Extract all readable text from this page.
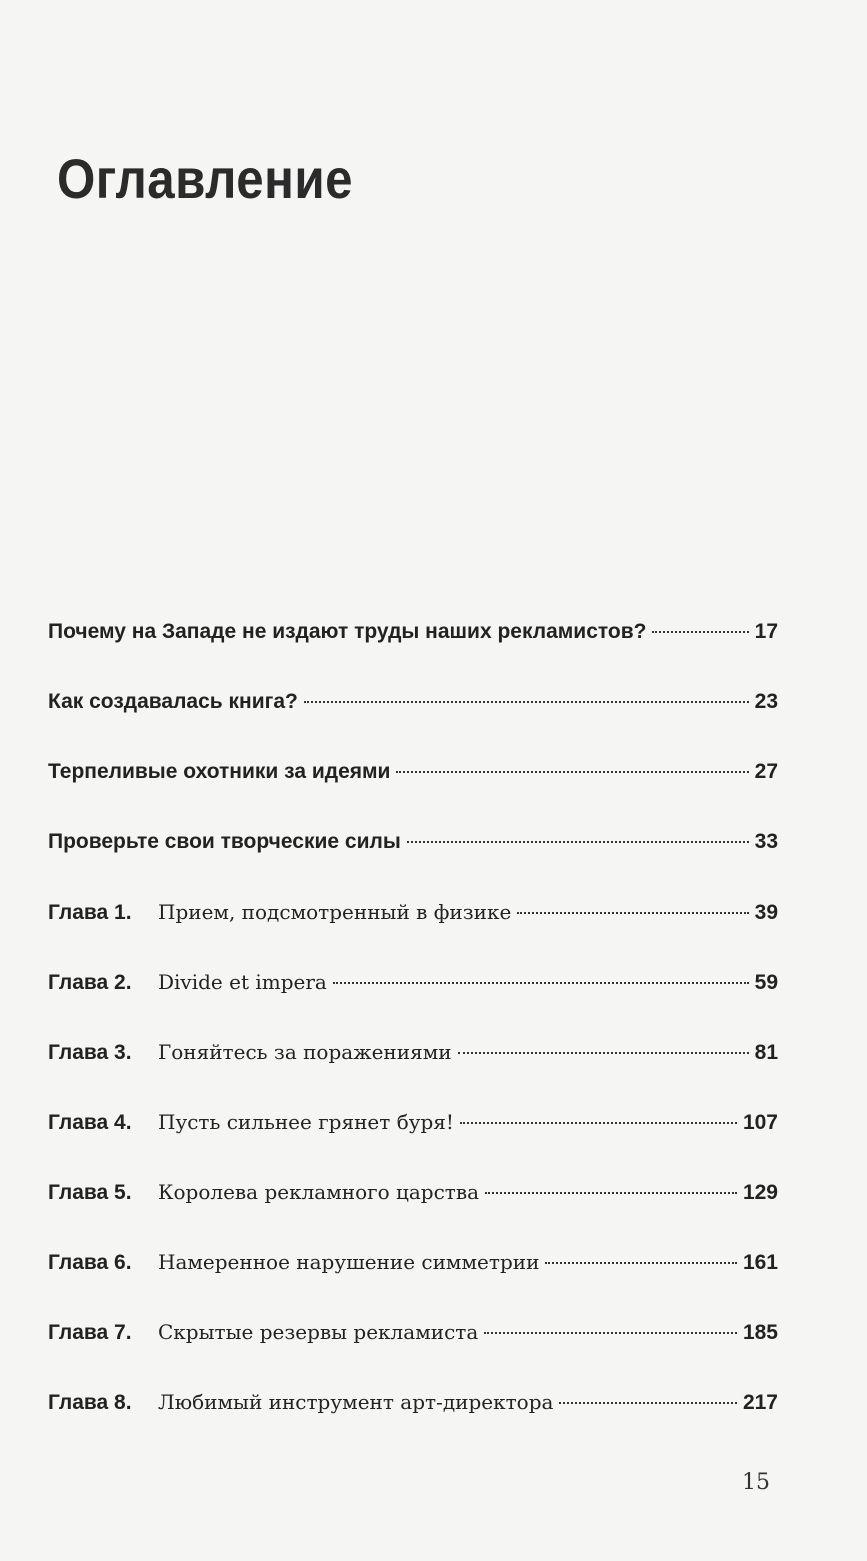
Оглавление
Почему на Западе не издают труды наших рекламистов?	17
Как создавалась книга?	23
Терпеливые охотники за идеями	27
Проверьте свои творческие силы	33
Глава 1.	Прием, подсмотренный в физике	39
Глава 2.	Divide et impera	59
Глава 3.	Гоняйтесь за поражениями	81
Глава 4.	Пусть сильнее грянет буря!	107
Глава 5.	Королева рекламного царства	129
Глава 6.	Намеренное нарушение симметрии	161
Глава 7.	Скрытые резервы рекламиста	185
Глава 8.	Любимый инструмент арт-директора	217
15
